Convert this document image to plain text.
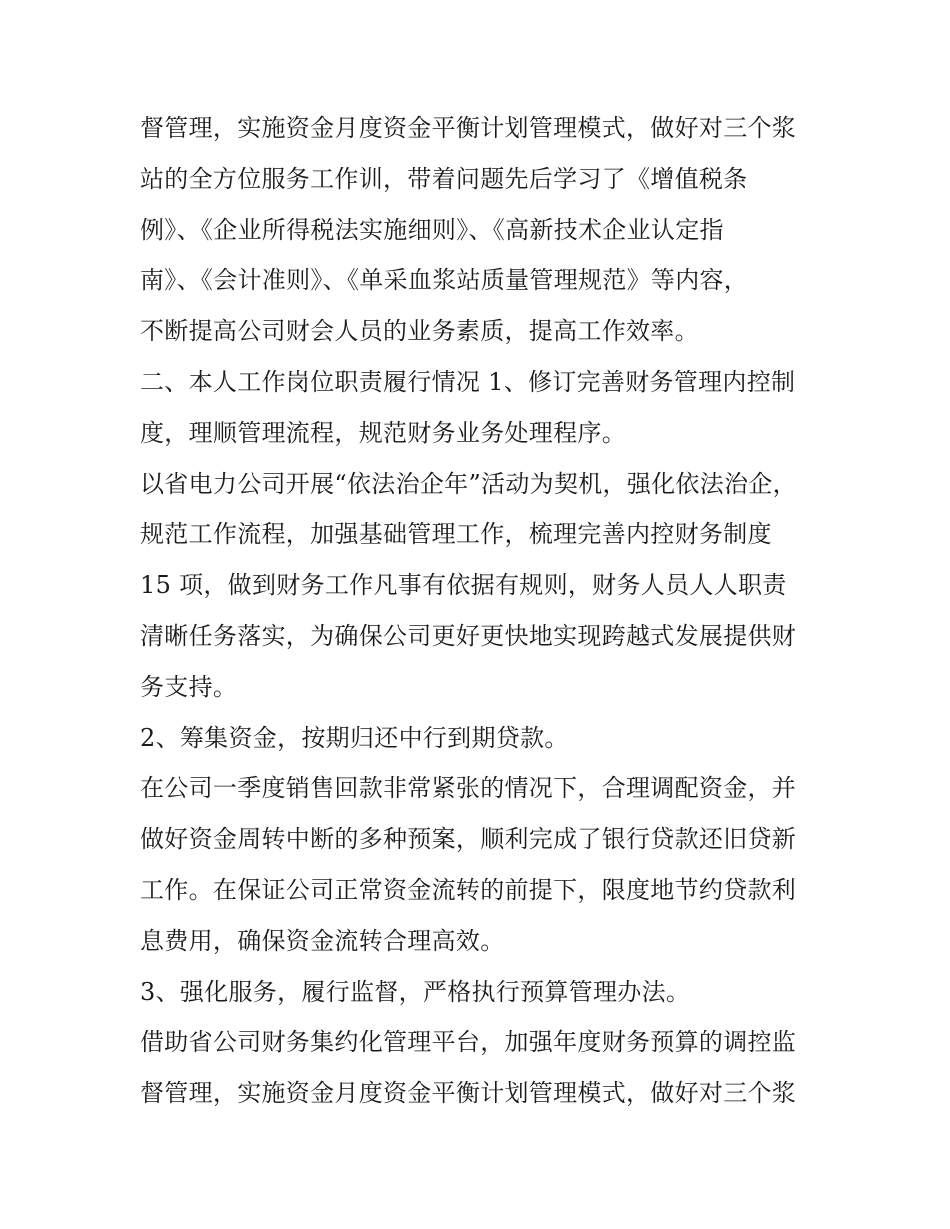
督管理，实施资金月度资金平衡计划管理模式，做好对三个浆
站的全方位服务工作训，带着问题先后学习了《增值税条
例》、《企业所得税法实施细则》、《高新技术企业认定指
南》、《会计准则》、《单采血浆站质量管理规范》等内容，
不断提高公司财会人员的业务素质，提高工作效率。
二、本人工作岗位职责履行情况 1、修订完善财务管理内控制
度，理顺管理流程，规范财务业务处理程序。
以省电力公司开展“依法治企年”活动为契机，强化依法治企，
规范工作流程，加强基础管理工作，梳理完善内控财务制度
15 项，做到财务工作凡事有依据有规则，财务人员人人职责
清晰任务落实，为确保公司更好更快地实现跨越式发展提供财
务支持。
2、筹集资金，按期归还中行到期贷款。
在公司一季度销售回款非常紧张的情况下，合理调配资金，并
做好资金周转中断的多种预案，顺利完成了银行贷款还旧贷新
工作。在保证公司正常资金流转的前提下，限度地节约贷款利
息费用，确保资金流转合理高效。
3、强化服务，履行监督，严格执行预算管理办法。
借助省公司财务集约化管理平台，加强年度财务预算的调控监
督管理，实施资金月度资金平衡计划管理模式，做好对三个浆
